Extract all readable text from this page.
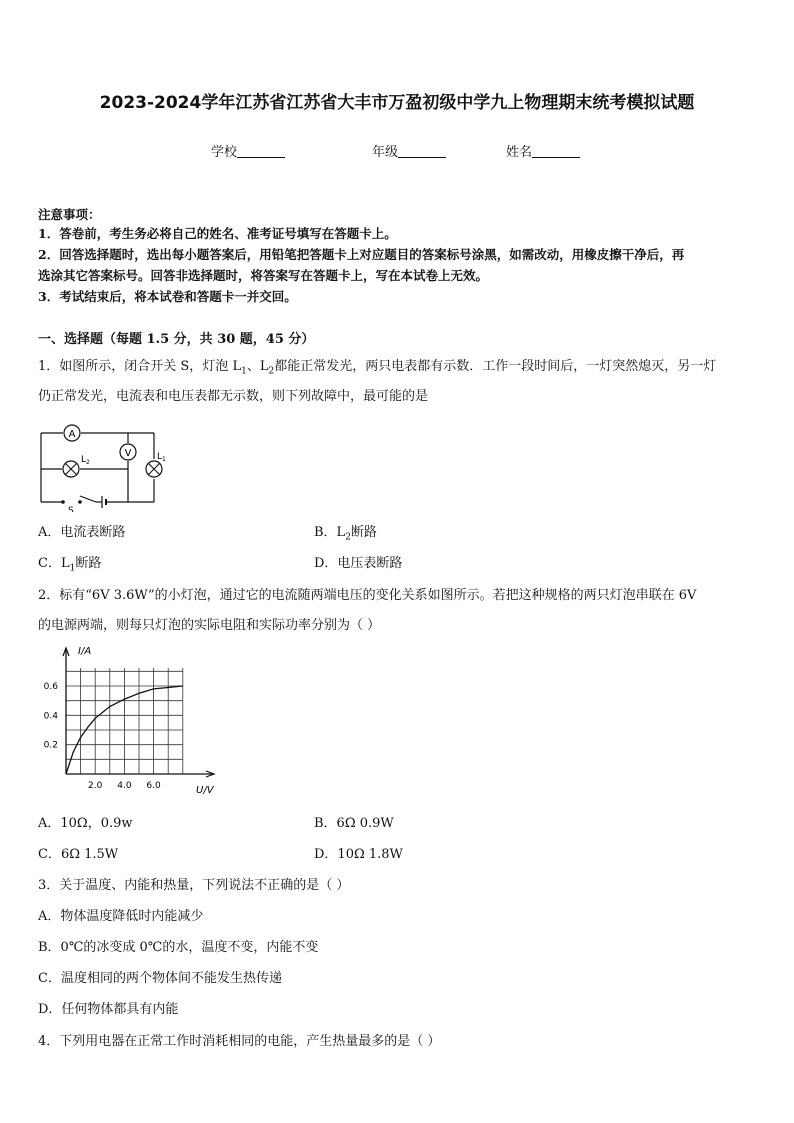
2023-2024学年江苏省江苏省大丰市万盈初级中学九上物理期末统考模拟试题
学校	年级	姓名
注意事项：
1．答卷前，考生务必将自己的姓名、准考证号填写在答题卡上。
2．回答选择题时，选出每小题答案后，用铅笔把答题卡上对应题目的答案标号涂黑，如需改动，用橡皮擦干净后，再
选涂其它答案标号。回答非选择题时，将答案写在答题卡上，写在本试卷上无效。
3．考试结束后，将本试卷和答题卡一并交回。
一、选择题（每题 1.5 分，共 30 题，45 分）
1．如图所示，闭合开关 S，灯泡 $L_1$、$L_2$都能正常发光，两只电表都有示数．工作一段时间后，一灯突然熄灭，另一灯
仍正常发光，电流表和电压表都无示数，则下列故障中，最可能的是
A
V
$L_2$
$L_1$
S
A．电流表断路	B．$L_2$断路
C．$L_1$断路	D．电压表断路
2．标有“6V 3.6W”的小灯泡，通过它的电流随两端电压的变化关系如图所示。若把这种规格的两只灯泡串联在 6V
的电源两端，则每只灯泡的实际电阻和实际功率分别为（ ）
2.0 4.0 6.0
0.2
0.4
0.6
I/A
U/V
A．10Ω，0.9w	B．6Ω 0.9W
C．6Ω 1.5W	D．10Ω 1.8W
3．关于温度、内能和热量，下列说法不正确的是（ ）
A．物体温度降低时内能减少
B．0℃的冰变成 0℃的水，温度不变，内能不变
C．温度相同的两个物体间不能发生热传递
D．任何物体都具有内能
4．下列用电器在正常工作时消耗相同的电能，产生热量最多的是（ ）
